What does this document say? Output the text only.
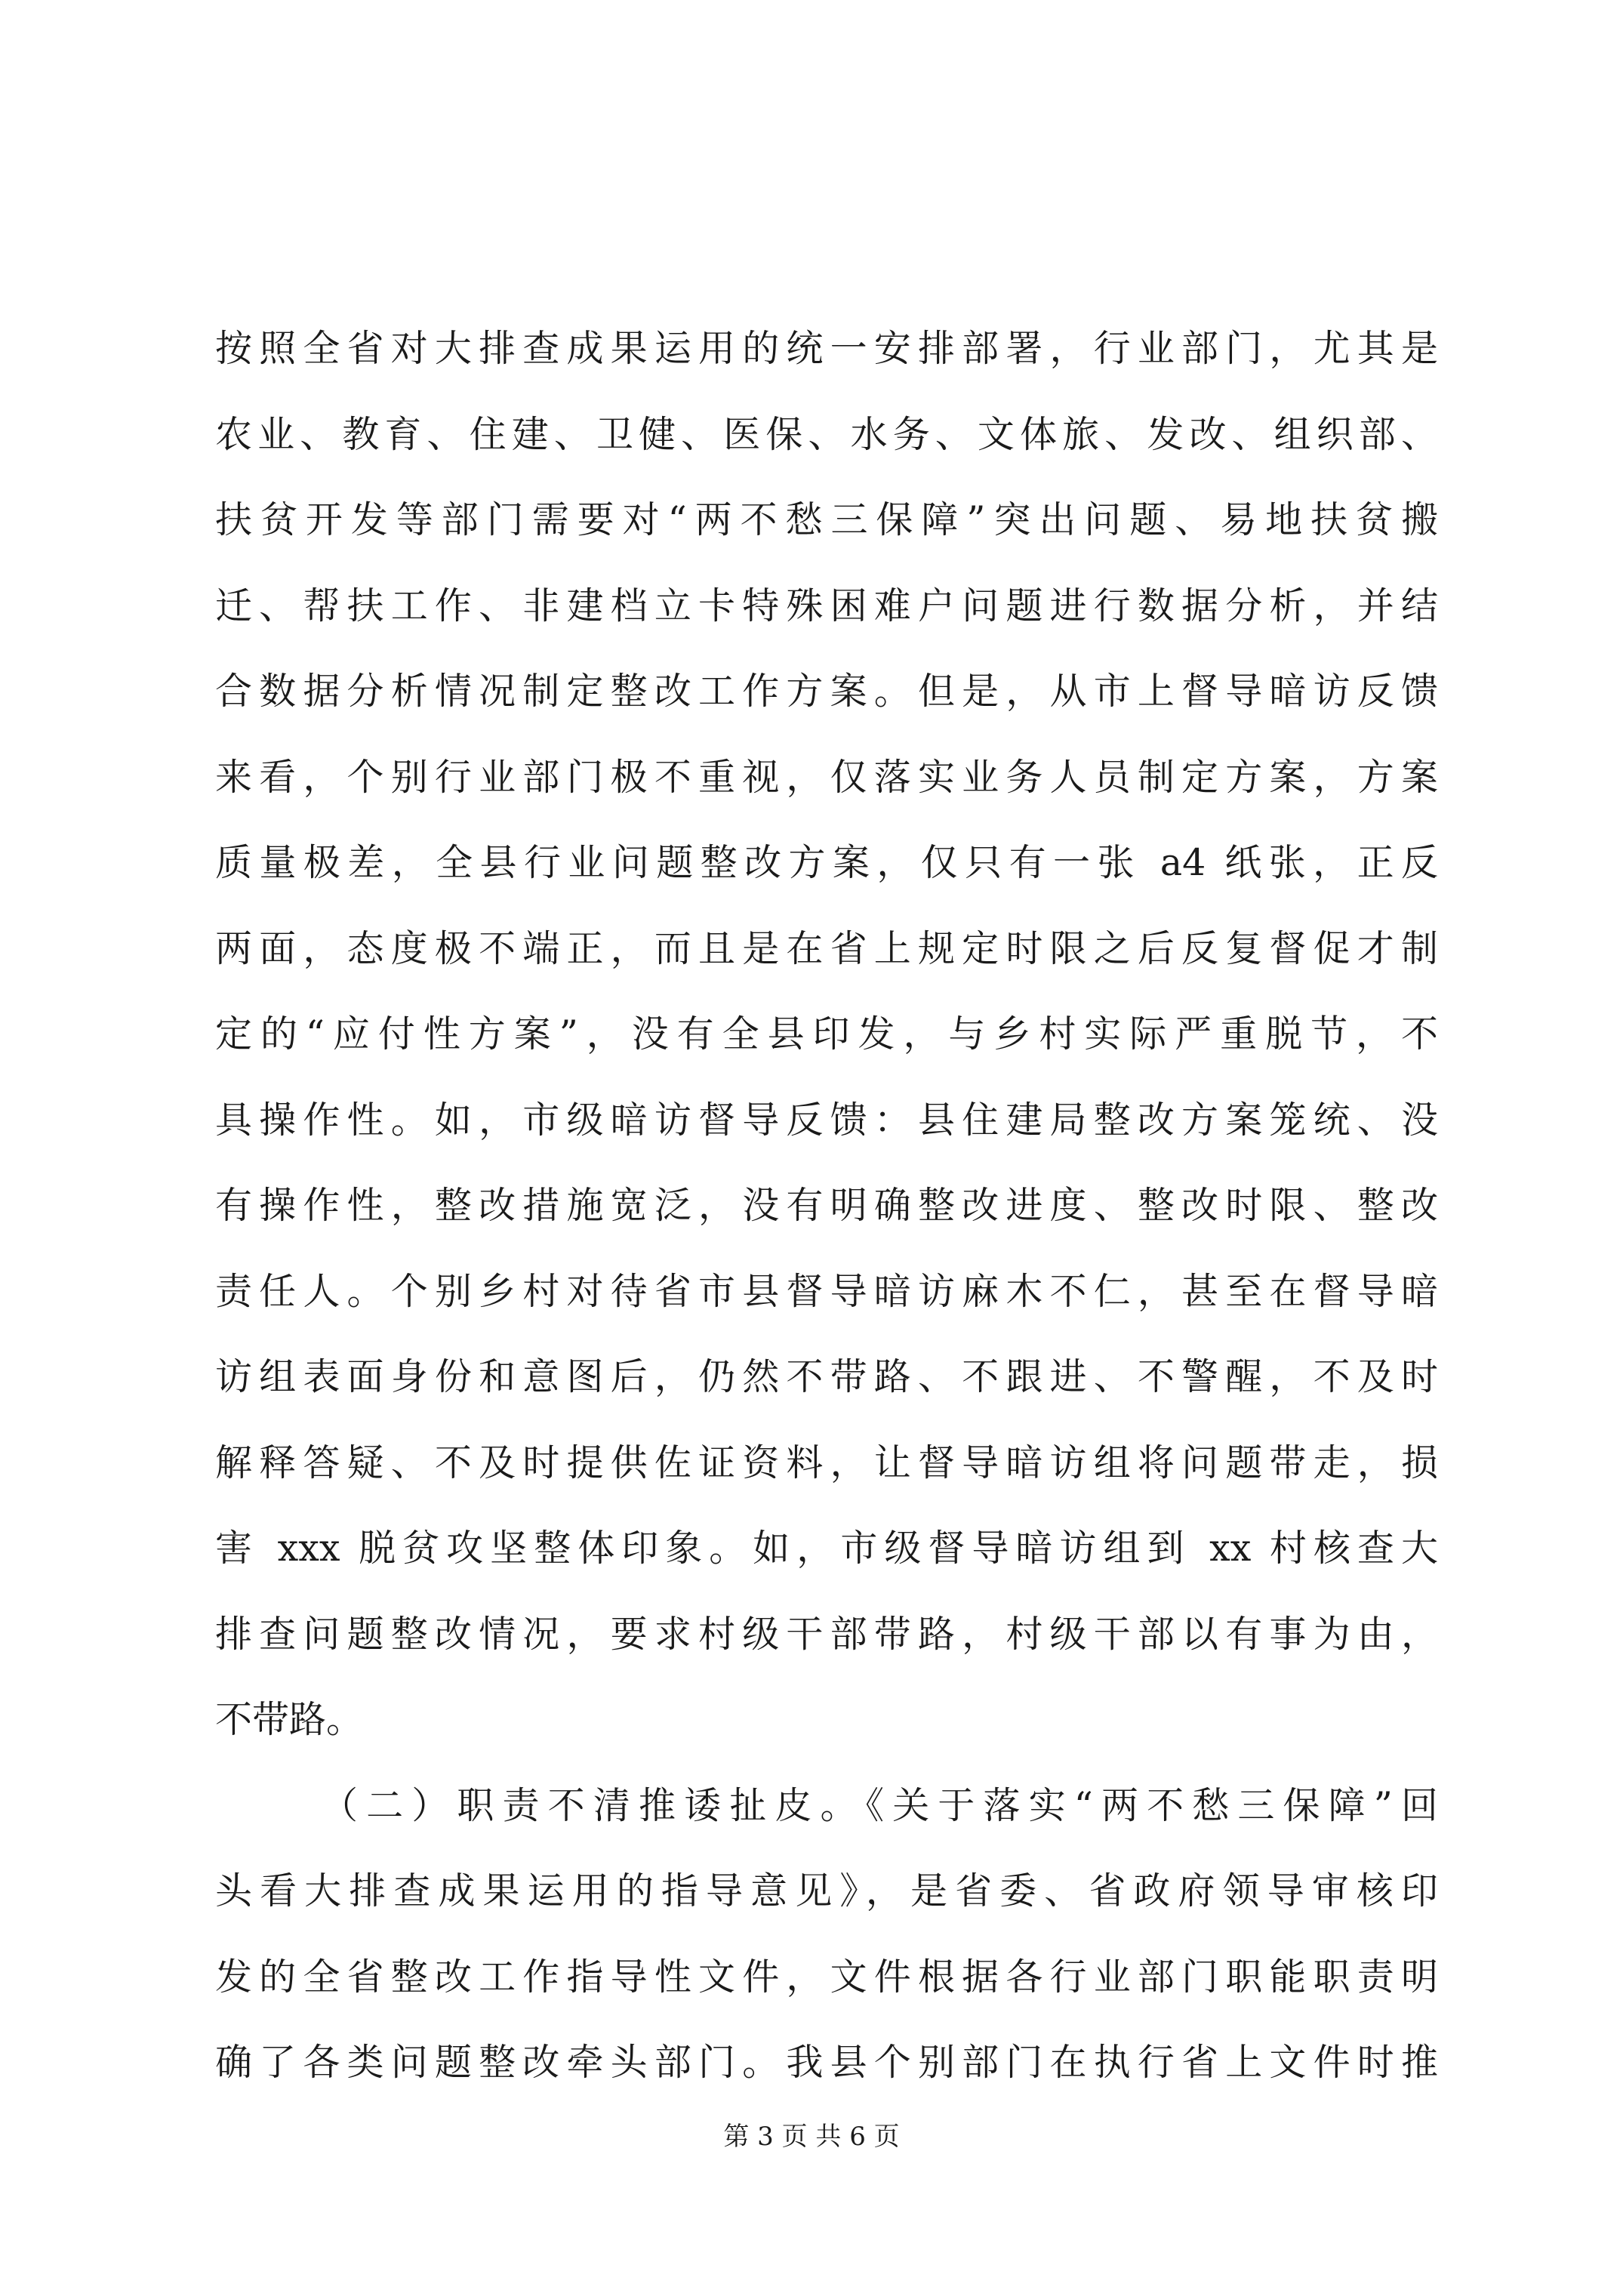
按照全省对大排查成果运用的统一安排部署，行业部门，尤其是
农业、教育、住建、卫健、医保、水务、文体旅、发改、组织部、
扶贫开发等部门需要对“两不愁三保障”突出问题、易地扶贫搬
迁、帮扶工作、非建档立卡特殊困难户问题进行数据分析，并结
合数据分析情况制定整改工作方案。但是，从市上督导暗访反馈
来看，个别行业部门极不重视，仅落实业务人员制定方案，方案
质量极差，全县行业问题整改方案，仅只有一张 a4 纸张，正反
两面，态度极不端正，而且是在省上规定时限之后反复督促才制
定的“应付性方案”，没有全县印发，与乡村实际严重脱节，不
具操作性。如，市级暗访督导反馈：县住建局整改方案笼统、没
有操作性，整改措施宽泛，没有明确整改进度、整改时限、整改
责任人。个别乡村对待省市县督导暗访麻木不仁，甚至在督导暗
访组表面身份和意图后，仍然不带路、不跟进、不警醒，不及时
解释答疑、不及时提供佐证资料，让督导暗访组将问题带走，损
害 xxx 脱贫攻坚整体印象。如，市级督导暗访组到 xx 村核查大
排查问题整改情况，要求村级干部带路，村级干部以有事为由，
不带路。
（二）职责不清推诿扯皮。《关于落实“两不愁三保障”回
头看大排查成果运用的指导意见》，是省委、省政府领导审核印
发的全省整改工作指导性文件，文件根据各行业部门职能职责明
确了各类问题整改牵头部门。我县个别部门在执行省上文件时推
第 3 页 共 6 页
